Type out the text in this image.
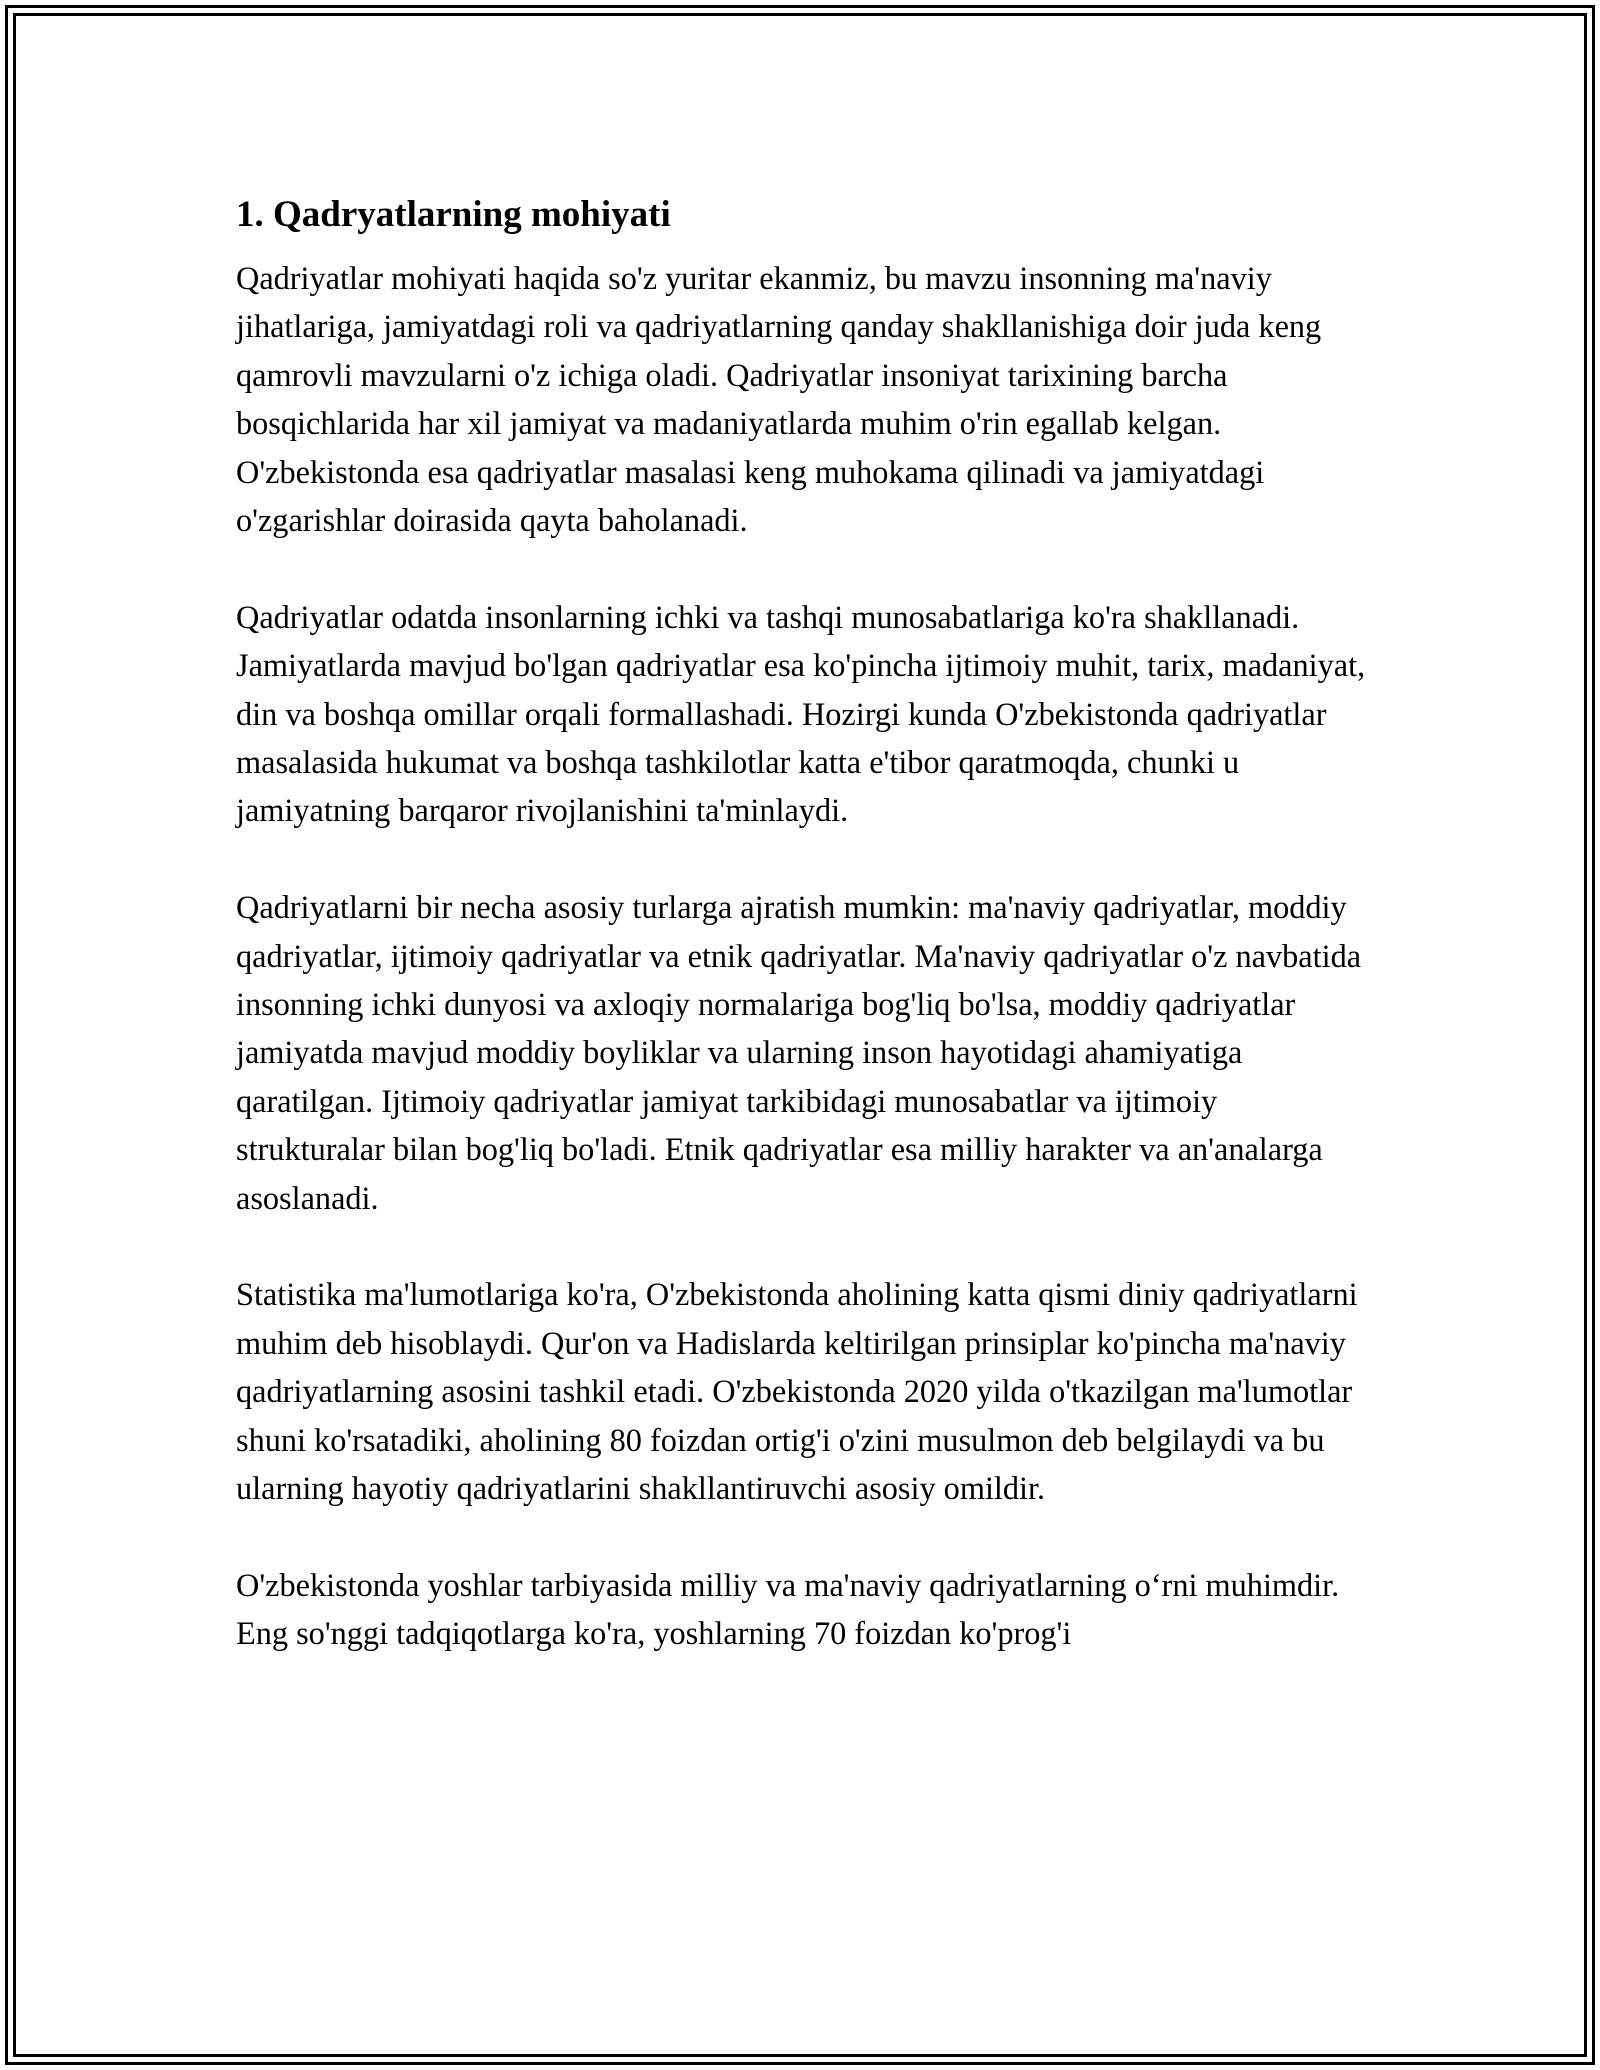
1. Qadryatlarning mohiyati

Qadriyatlar mohiyati haqida so'z yuritar ekanmiz, bu mavzu insonning ma'naviy jihatlariga, jamiyatdagi roli va qadriyatlarning qanday shakllanishiga doir juda keng qamrovli mavzularni o'z ichiga oladi. Qadriyatlar insoniyat tarixining barcha bosqichlarida har xil jamiyat va madaniyatlarda muhim o'rin egallab kelgan. O'zbekistonda esa qadriyatlar masalasi keng muhokama qilinadi va jamiyatdagi o'zgarishlar doirasida qayta baholanadi.

Qadriyatlar odatda insonlarning ichki va tashqi munosabatlariga ko'ra shakllanadi. Jamiyatlarda mavjud bo'lgan qadriyatlar esa ko'pincha ijtimoiy muhit, tarix, madaniyat, din va boshqa omillar orqali formallashadi. Hozirgi kunda O'zbekistonda qadriyatlar masalasida hukumat va boshqa tashkilotlar katta e'tibor qaratmoqda, chunki u jamiyatning barqaror rivojlanishini ta'minlaydi.

Qadriyatlarni bir necha asosiy turlarga ajratish mumkin: ma'naviy qadriyatlar, moddiy qadriyatlar, ijtimoiy qadriyatlar va etnik qadriyatlar. Ma'naviy qadriyatlar o'z navbatida insonning ichki dunyosi va axloqiy normalariga bog'liq bo'lsa, moddiy qadriyatlar jamiyatda mavjud moddiy boyliklar va ularning inson hayotidagi ahamiyatiga qaratilgan. Ijtimoiy qadriyatlar jamiyat tarkibidagi munosabatlar va ijtimoiy strukturalar bilan bog'liq bo'ladi. Etnik qadriyatlar esa milliy harakter va an'analarga asoslanadi.

Statistika ma'lumotlariga ko'ra, O'zbekistonda aholining katta qismi diniy qadriyatlarni muhim deb hisoblaydi. Qur'on va Hadislarda keltirilgan prinsiplar ko'pincha ma'naviy qadriyatlarning asosini tashkil etadi. O'zbekistonda 2020 yilda o'tkazilgan ma'lumotlar shuni ko'rsatadiki, aholining 80 foizdan ortig'i o'zini musulmon deb belgilaydi va bu ularning hayotiy qadriyatlarini shakllantiruvchi asosiy omildir.

O'zbekistonda yoshlar tarbiyasida milliy va ma'naviy qadriyatlarning o‘rni muhimdir. Eng so'nggi tadqiqotlarga ko'ra, yoshlarning 70 foizdan ko'prog'i
